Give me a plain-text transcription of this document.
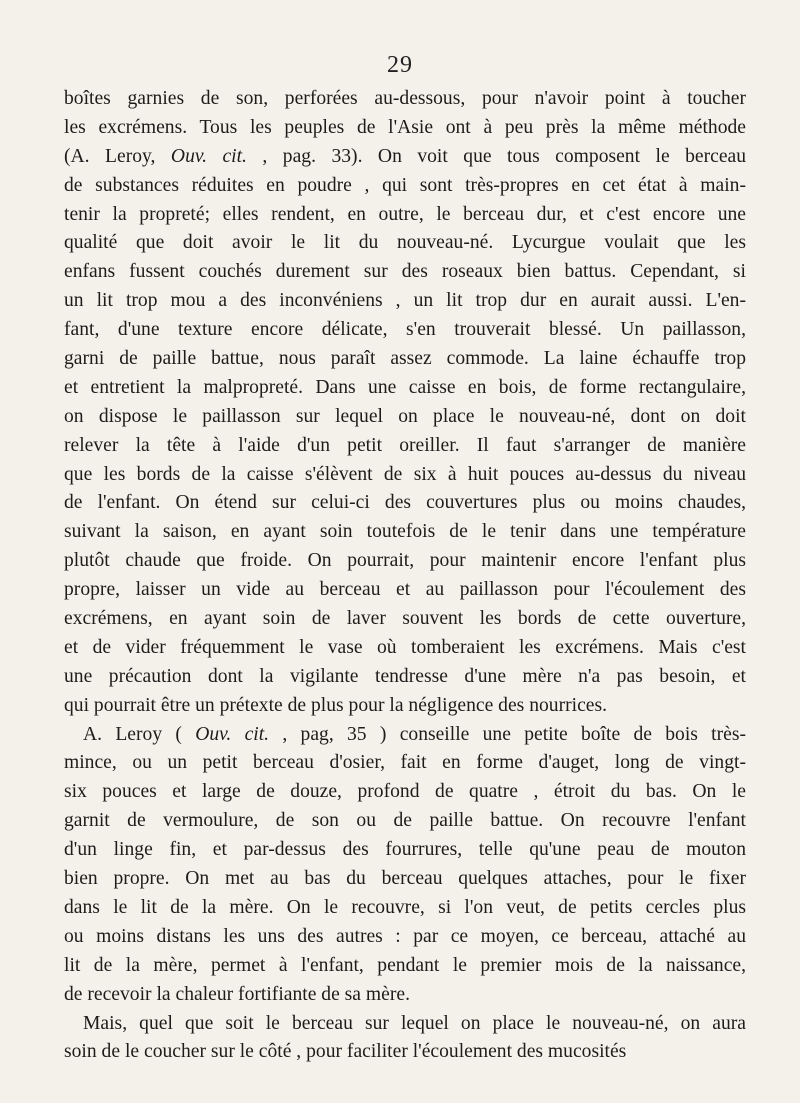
29
boîtes garnies de son, perforées au-dessous, pour n'avoir point à toucher
les excrémens. Tous les peuples de l'Asie ont à peu près la même méthode
(A. Leroy, Ouv. cit. , pag. 33). On voit que tous composent le berceau
de substances réduites en poudre , qui sont très-propres en cet état à main-
tenir la propreté; elles rendent, en outre, le berceau dur, et c'est encore une
qualité que doit avoir le lit du nouveau-né. Lycurgue voulait que les
enfans fussent couchés durement sur des roseaux bien battus. Cependant, si
un lit trop mou a des inconvéniens , un lit trop dur en aurait aussi. L'en-
fant, d'une texture encore délicate, s'en trouverait blessé. Un paillasson,
garni de paille battue, nous paraît assez commode. La laine échauffe trop
et entretient la malpropreté. Dans une caisse en bois, de forme rectangulaire,
on dispose le paillasson sur lequel on place le nouveau-né, dont on doit
relever la tête à l'aide d'un petit oreiller. Il faut s'arranger de manière
que les bords de la caisse s'élèvent de six à huit pouces au-dessus du niveau
de l'enfant. On étend sur celui-ci des couvertures plus ou moins chaudes,
suivant la saison, en ayant soin toutefois de le tenir dans une température
plutôt chaude que froide. On pourrait, pour maintenir encore l'enfant plus
propre, laisser un vide au berceau et au paillasson pour l'écoulement des
excrémens, en ayant soin de laver souvent les bords de cette ouverture,
et de vider fréquemment le vase où tomberaient les excrémens. Mais c'est
une précaution dont la vigilante tendresse d'une mère n'a pas besoin, et
qui pourrait être un prétexte de plus pour la négligence des nourrices.
A. Leroy ( Ouv. cit. , pag, 35 ) conseille une petite boîte de bois très-
mince, ou un petit berceau d'osier, fait en forme d'auget, long de vingt-
six pouces et large de douze, profond de quatre , étroit du bas. On le
garnit de vermoulure, de son ou de paille battue. On recouvre l'enfant
d'un linge fin, et par-dessus des fourrures, telle qu'une peau de mouton
bien propre. On met au bas du berceau quelques attaches, pour le fixer
dans le lit de la mère. On le recouvre, si l'on veut, de petits cercles plus
ou moins distans les uns des autres : par ce moyen, ce berceau, attaché au
lit de la mère, permet à l'enfant, pendant le premier mois de la naissance,
de recevoir la chaleur fortifiante de sa mère.
Mais, quel que soit le berceau sur lequel on place le nouveau-né, on aura
soin de le coucher sur le côté , pour faciliter l'écoulement des mucosités
